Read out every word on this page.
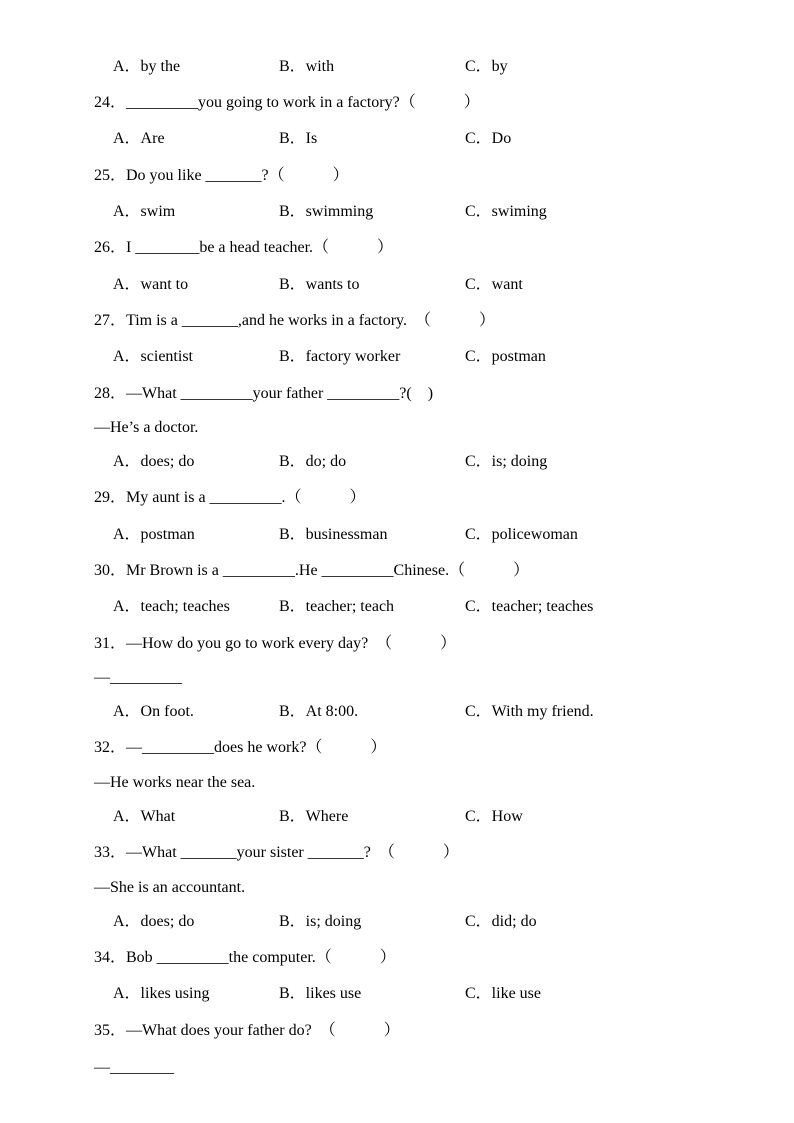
A．by the	B．with	C．by
24．_________you going to work in a factory?（　　　）
A．Are	B．Is	C．Do
25．Do you like _______?（　　　）
A．swim	B．swimming	C．swiming
26．I ________be a head teacher.（　　　）
A．want to	B．wants to	C．want
27．Tim is a _______,and he works in a factory.　（　　　）
A．scientist	B．factory worker	C．postman
28．—What _________your father _________?(　)
—He’s a doctor.
A．does; do	B．do; do	C．is; doing
29．My aunt is a _________.（　　　）
A．postman	B．businessman	C．policewoman
30．Mr Brown is a _________.He _________Chinese.（　　　）
A．teach; teaches	B．teacher; teach	C．teacher; teaches
31．—How do you go to work every day?　（　　　）
—_________
A．On foot.	B．At 8:00.	C．With my friend.
32．—_________does he work?（　　　）
—He works near the sea.
A．What	B．Where	C．How
33．—What _______your sister _______?　（　　　）
—She is an accountant.
A．does; do	B．is; doing	C．did; do
34．Bob _________the computer.（　　　）
A．likes using	B．likes use	C．like use
35．—What does your father do?　（　　　）
—________
